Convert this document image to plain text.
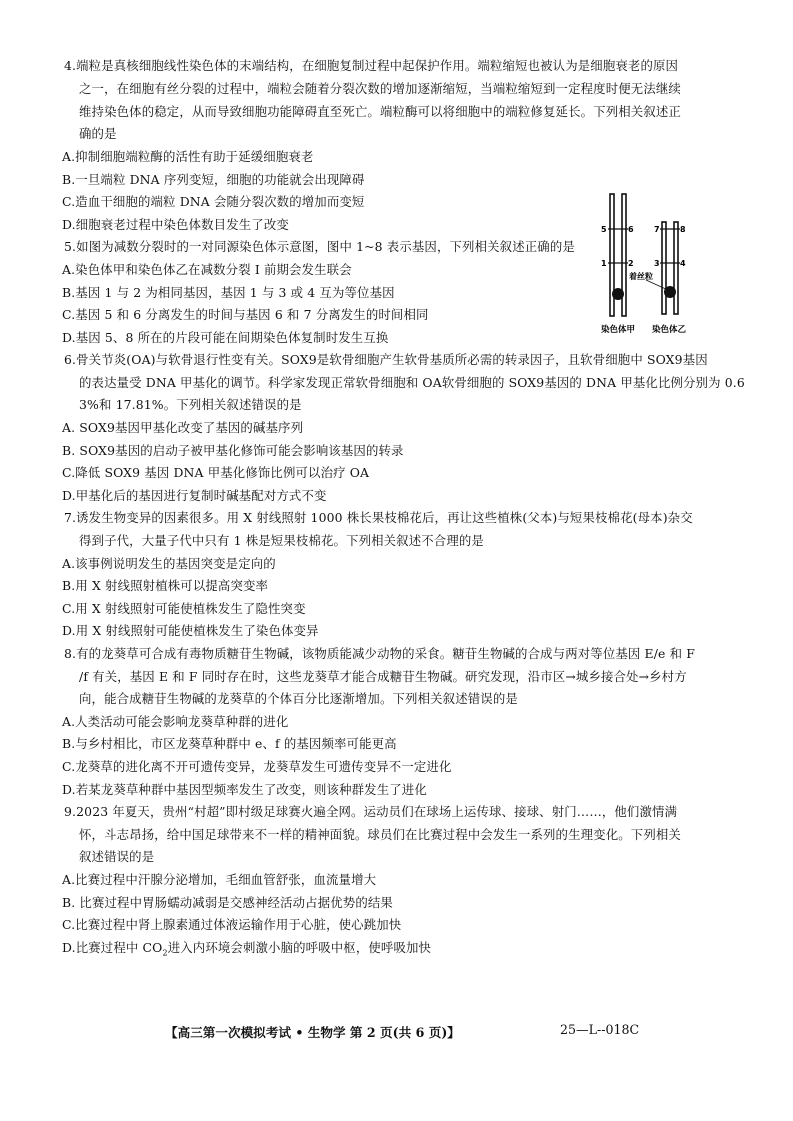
4.端粒是真核细胞线性染色体的末端结构，在细胞复制过程中起保护作用。端粒缩短也被认为是细胞衰老的原因
之一，在细胞有丝分裂的过程中，端粒会随着分裂次数的增加逐渐缩短，当端粒缩短到一定程度时便无法继续
维持染色体的稳定，从而导致细胞功能障碍直至死亡。端粒酶可以将细胞中的端粒修复延长。下列相关叙述正
确的是
A.抑制细胞端粒酶的活性有助于延缓细胞衰老
B.一旦端粒 DNA 序列变短，细胞的功能就会出现障碍
C.造血干细胞的端粒 DNA 会随分裂次数的增加而变短
D.细胞衰老过程中染色体数目发生了改变
5.如图为减数分裂时的一对同源染色体示意图，图中 1~8 表示基因，下列相关叙述正确的是
A.染色体甲和染色体乙在减数分裂 Ⅰ 前期会发生联会
B.基因 1 与 2 为相同基因，基因 1 与 3 或 4 互为等位基因
C.基因 5 和 6 分离发生的时间与基因 6 和 7 分离发生的时间相同
D.基因 5、8 所在的片段可能在间期染色体复制时发生互换
5	6	7	8
1	2	3	4
着丝粒
染色体甲 染色体乙
6.骨关节炎(OA)与软骨退行性变有关。SOX9是软骨细胞产生软骨基质所必需的转录因子，且软骨细胞中 SOX9基因
的表达量受 DNA 甲基化的调节。科学家发现正常软骨细胞和 OA软骨细胞的 SOX9基因的 DNA 甲基化比例分别为 0.6
3%和 17.81%。下列相关叙述错误的是
A. SOX9基因甲基化改变了基因的碱基序列
B. SOX9基因的启动子被甲基化修饰可能会影响该基因的转录
C.降低 SOX9 基因 DNA 甲基化修饰比例可以治疗 OA
D.甲基化后的基因进行复制时碱基配对方式不变
7.诱发生物变异的因素很多。用 X 射线照射 1000 株长果枝棉花后，再让这些植株(父本)与短果枝棉花(母本)杂交
得到子代，大量子代中只有 1 株是短果枝棉花。下列相关叙述不合理的是
A.该事例说明发生的基因突变是定向的
B.用 X 射线照射植株可以提高突变率
C.用 X 射线照射可能使植株发生了隐性突变
D.用 X 射线照射可能使植株发生了染色体变异
8.有的龙葵草可合成有毒物质糖苷生物碱，该物质能减少动物的采食。糖苷生物碱的合成与两对等位基因 E/e 和 F
/f 有关，基因 E 和 F 同时存在时，这些龙葵草才能合成糖苷生物碱。研究发现，沿市区→城乡接合处→乡村方
向，能合成糖苷生物碱的龙葵草的个体百分比逐渐增加。下列相关叙述错误的是
A.人类活动可能会影响龙葵草种群的进化
B.与乡村相比，市区龙葵草种群中 e、f 的基因频率可能更高
C.龙葵草的进化离不开可遗传变异，龙葵草发生可遗传变异不一定进化
D.若某龙葵草种群中基因型频率发生了改变，则该种群发生了进化
9.2023 年夏天，贵州“村超”即村级足球赛火遍全网。运动员们在球场上运传球、接球、射门……，他们激情满
怀，斗志昂扬，给中国足球带来不一样的精神面貌。球员们在比赛过程中会发生一系列的生理变化。下列相关
叙述错误的是
A.比赛过程中汗腺分泌增加，毛细血管舒张，血流量增大
B. 比赛过程中胃肠蠕动减弱是交感神经活动占据优势的结果
C.比赛过程中肾上腺素通过体液运输作用于心脏，使心跳加快
D.比赛过程中 $CO_2$进入内环境会刺激小脑的呼吸中枢，使呼吸加快
【高三第一次模拟考试 • 生物学 第 2 页(共 6 页)】	25—L--018C
